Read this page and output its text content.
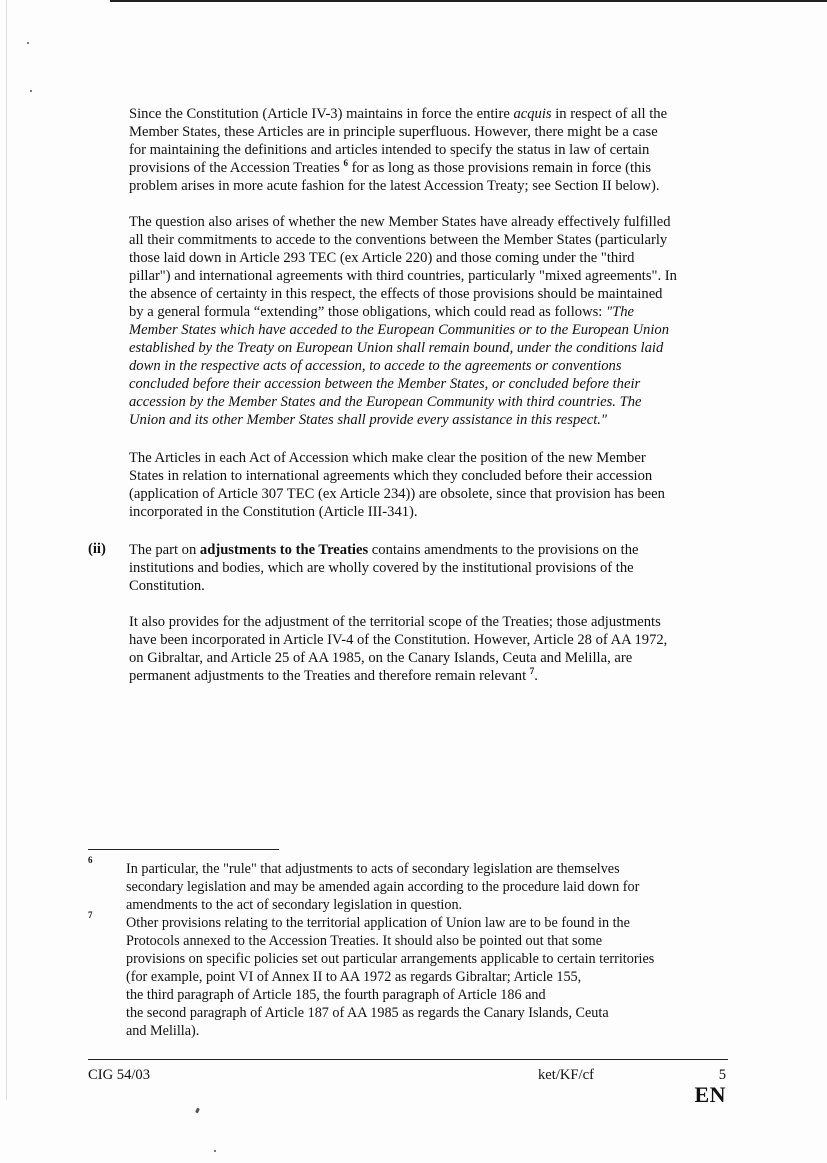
Since the Constitution (Article IV-3) maintains in force the entire acquis in respect of all the
Member States, these Articles are in principle superfluous. However, there might be a case
for maintaining the definitions and articles intended to specify the status in law of certain
provisions of the Accession Treaties $^6$ for as long as those provisions remain in force (this
problem arises in more acute fashion for the latest Accession Treaty; see Section II below).
The question also arises of whether the new Member States have already effectively fulfilled
all their commitments to accede to the conventions between the Member States (particularly
those laid down in Article 293 TEC (ex Article 220) and those coming under the "third
pillar") and international agreements with third countries, particularly "mixed agreements". In
the absence of certainty in this respect, the effects of those provisions should be maintained
by a general formula “extending” those obligations, which could read as follows: "The
Member States which have acceded to the European Communities or to the European Union
established by the Treaty on European Union shall remain bound, under the conditions laid
down in the respective acts of accession, to accede to the agreements or conventions
concluded before their accession between the Member States, or concluded before their
accession by the Member States and the European Community with third countries. The
Union and its other Member States shall provide every assistance in this respect."
The Articles in each Act of Accession which make clear the position of the new Member
States in relation to international agreements which they concluded before their accession
(application of Article 307 TEC (ex Article 234)) are obsolete, since that provision has been
incorporated in the Constitution (Article III-341).
(ii) The part on adjustments to the Treaties contains amendments to the provisions on the
institutions and bodies, which are wholly covered by the institutional provisions of the
Constitution.
It also provides for the adjustment of the territorial scope of the Treaties; those adjustments
have been incorporated in Article IV-4 of the Constitution. However, Article 28 of AA 1972,
on Gibraltar, and Article 25 of AA 1985, on the Canary Islands, Ceuta and Melilla, are
permanent adjustments to the Treaties and therefore remain relevant $^7$.
6
In particular, the "rule" that adjustments to acts of secondary legislation are themselves
secondary legislation and may be amended again according to the procedure laid down for
amendments to the act of secondary legislation in question.
7 Other provisions relating to the territorial application of Union law are to be found in the
Protocols annexed to the Accession Treaties. It should also be pointed out that some
provisions on specific policies set out particular arrangements applicable to certain territories
(for example, point VI of Annex II to AA 1972 as regards Gibraltar; Article 155,
the third paragraph of Article 185, the fourth paragraph of Article 186 and
the second paragraph of Article 187 of AA 1985 as regards the Canary Islands, Ceuta
and Melilla).
CIG 54/03	ket/KF/cf	5
EN
